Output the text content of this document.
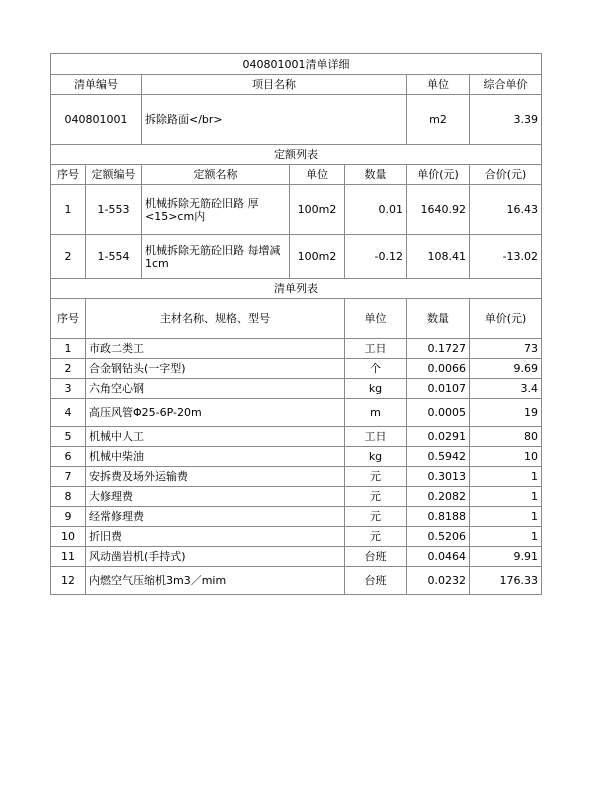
040801001清单详细							
清单编号		项目名称			单位	综合单价	
040801001		拆除路面</br>			m2	3.39	
定额列表							
序号	定额编号	定额名称	单位	数量	单价(元)	合价(元)	
1	1-553	机械拆除无筋砼旧路 厚<15>cm内	100m2	0.01	1640.92	16.43	
2	1-554	机械拆除无筋砼旧路 每增减1cm	100m2	-0.12	108.41	-13.02	
清单列表							
序号	主材名称、规格、型号			单位	数量	单价(元)	
1	市政二类工			工日	0.1727	73	
2	合金钢钻头(一字型)			个	0.0066	9.69	
3	六角空心钢			kg	0.0107	3.4	
4	高压风管Φ25-6P-20m			m	0.0005	19	
5	机械中人工			工日	0.0291	80	
6	机械中柴油			kg	0.5942	10	
7	安拆费及场外运输费			元	0.3013	1	
8	大修理费			元	0.2082	1	
9	经常修理费			元	0.8188	1	
10	折旧费			元	0.5206	1	
11	风动凿岩机(手持式)			台班	0.0464	9.91	
12	内燃空气压缩机3m3／mim			台班	0.0232	176.33	
